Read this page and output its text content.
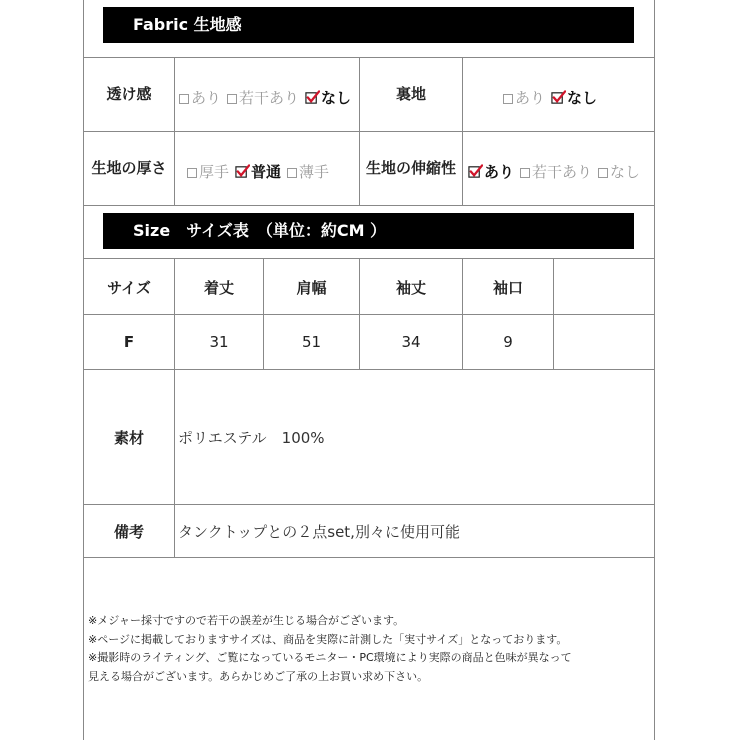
Fabric 生地感
透け感	あり 若干あり なし	裏地	あり なし
生地の厚さ	厚手 普通 薄手	生地の伸縮性	あり 若干あり なし
Size　サイズ表　（単位：約CM ）
サイズ	着丈	肩幅	袖丈	袖口
F	31	51	34	9
素材	ポリエステル　100%
備考	タンクトップとの２点set,別々に使用可能
※メジャー採寸ですので若干の誤差が生じる場合がございます。
※ページに掲載しておりますサイズは、商品を実際に計測した「実寸サイズ」となっております。
※撮影時のライティング、ご覧になっているモニター・PC環境により実際の商品と色味が異なって
見える場合がございます。あらかじめご了承の上お買い求め下さい。
